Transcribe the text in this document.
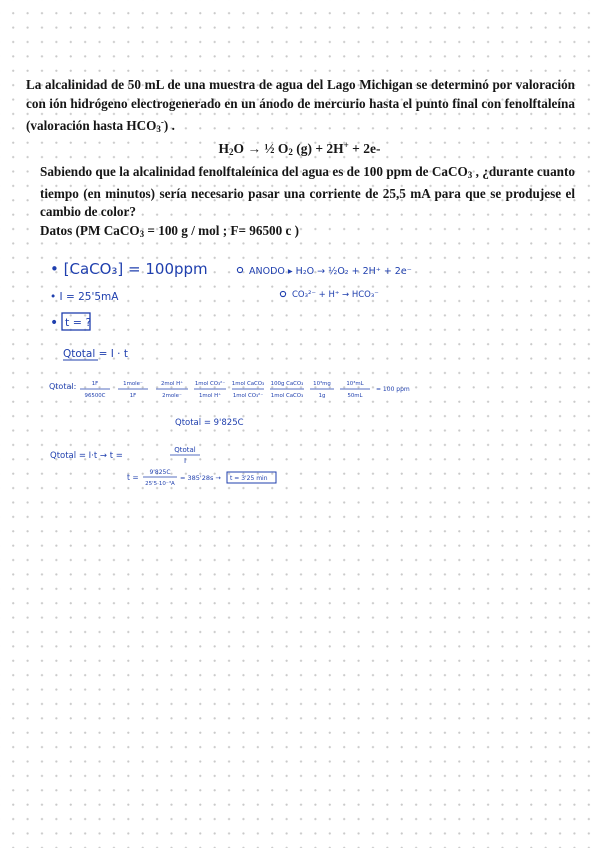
La alcalinidad de 50 mL de una muestra de agua del Lago Michigan se determinó por valoración con ión hidrógeno electrogenerado en un ánodo de mercurio hasta el punto final con fenolftaleína (valoración hasta $HCO_3^-$) .
$H_2O$ → ½ $O_2$ (g) + 2H+ + 2e-
Sabiendo que la alcalinidad fenolftaleínica del agua es de 100 ppm de CaCO$_3$ , ¿durante cuanto tiempo (en minutos) sería necesario pasar una corriente de 25,5 mA para que se produjese el cambio de color?
Datos (PM CaCO$_3$ = 100 g / mol ; F= 96500 c )
• [CaCO₃] = 100ppm
• I = 25'5mA
• t = ?
ANODO ▸ H₂O → ½O₂ + 2H⁺ + 2e⁻
CO₃²⁻ + H⁺ → HCO₃⁻
Qtotal = I · t
Qtotal:	1F
96500C
1mole⁻
1F
2mol H⁺
2mole⁻
1mol CO₃²⁻
1mol H⁺
1mol CaCO₃
1mol CO₃²⁻
100g CaCO₃
1mol CaCO₃
10³mg
1g
10³mL
50mL
= 100 ppm
Qtotal = 9'825C
Qtotal = I·t → t =
Qtotal
I
t =
9'825C
25'5·10⁻³A
= 385'28s → t = 3'25 min
